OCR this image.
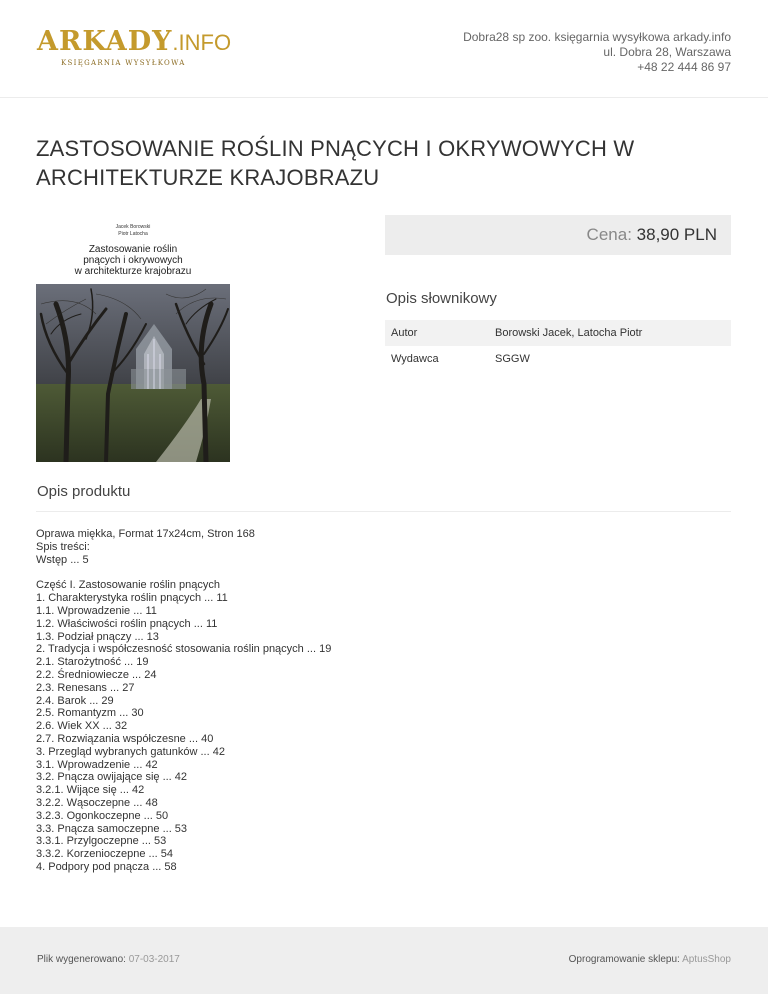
ARKADY.INFO
KSIĘGARNIA WYSYŁKOWA
Dobra28 sp zoo. księgarnia wysyłkowa arkady.info
ul. Dobra 28, Warszawa
+48 22 444 86 97
ZASTOSOWANIE ROŚLIN PNĄCYCH I OKRYWOWYCH W ARCHITEKTURZE KRAJOBRAZU
Jacek Borowski
Piotr Latocha
Zastosowanie roślin
pnących i okrywowych
w architekturze krajobrazu
Cena: 38,90 PLN
Opis słownikowy
Autor	Borowski Jacek, Latocha Piotr
Wydawca	SGGW
Opis produktu
Oprawa miękka, Format 17x24cm, Stron 168
Spis treści:
Wstęp ... 5
Część I. Zastosowanie roślin pnących
1. Charakterystyka roślin pnących ... 11
1.1. Wprowadzenie ... 11
1.2. Właściwości roślin pnących ... 11
1.3. Podział pnączy ... 13
2. Tradycja i współczesność stosowania roślin pnących ... 19
2.1. Starożytność ... 19
2.2. Średniowiecze ... 24
2.3. Renesans ... 27
2.4. Barok ... 29
2.5. Romantyzm ... 30
2.6. Wiek XX ... 32
2.7. Rozwiązania współczesne ... 40
3. Przegląd wybranych gatunków ... 42
3.1. Wprowadzenie ... 42
3.2. Pnącza owijające się ... 42
3.2.1. Wijące się ... 42
3.2.2. Wąsoczepne ... 48
3.2.3. Ogonkoczepne ... 50
3.3. Pnącza samoczepne ... 53
3.3.1. Przylgoczepne ... 53
3.3.2. Korzenioczepne ... 54
4. Podpory pod pnącza ... 58
Plik wygenerowano: 07-03-2017	Oprogramowanie sklepu: AptusShop
